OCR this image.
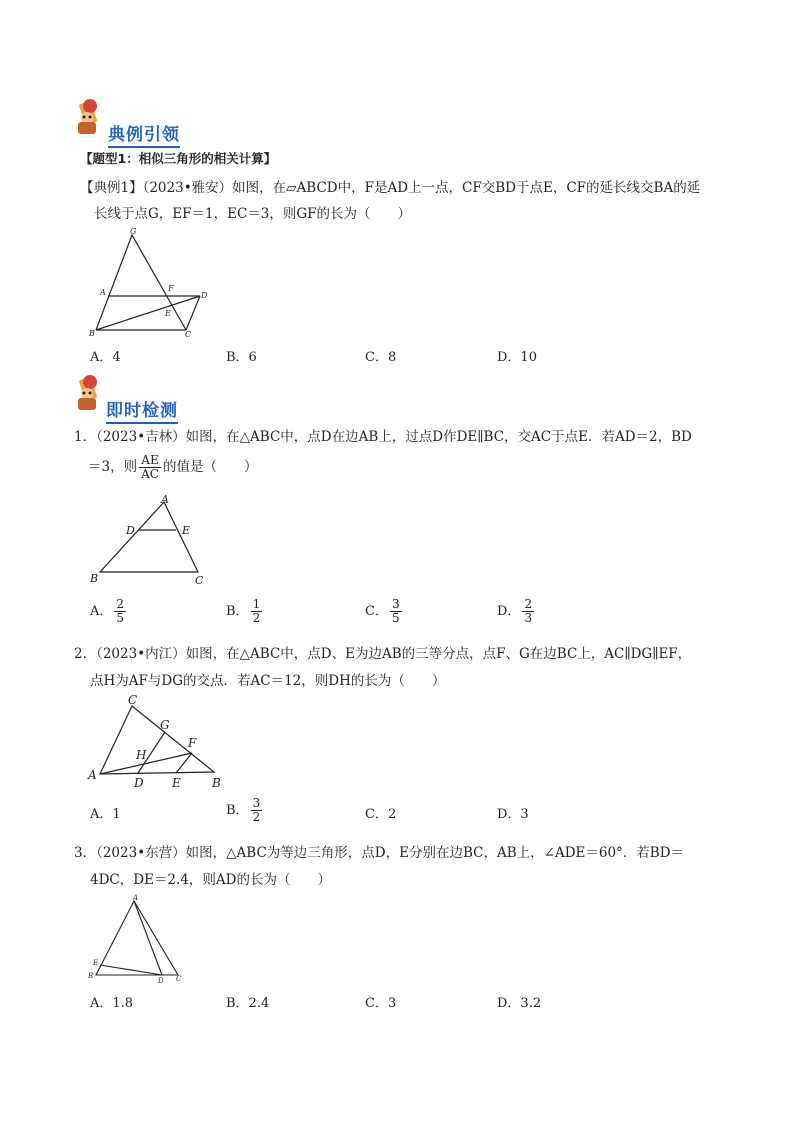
典例引领
【题型1：相似三角形的相关计算】
【典例1】（2023•雅安）如图，在▱ABCD中，F是AD上一点，CF交BD于点E，CF的延长线交BA的延
长线于点G，EF＝1，EC＝3，则GF的长为（　　）
G
A	F
D
E
B	C
A．4	B．6	C．8	D．10
即时检测
1．（2023•吉林）如图，在△ABC中，点D在边AB上，过点D作DE∥BC，交AC于点E．若AD＝2，BD
＝3，则 $\frac{AE}{AC}$ 的值是（　　）
A
D	E
B	C
A． $\frac{2}{5}$	B． $\frac{1}{2}$	C． $\frac{3}{5}$	D． $\frac{2}{3}$
2．（2023•内江）如图，在△ABC中，点D、E为边AB的三等分点，点F、G在边BC上，AC∥DG∥EF，
点H为AF与DG的交点．若AC＝12，则DH的长为（　　）
C
G
H
F
A
D E	B
A．1	B． $\frac{3}{2}$	C．2	D．3
3．（2023•东营）如图，△ABC为等边三角形，点D，E分别在边BC，AB上，∠ADE＝60°．若BD＝
4DC，DE＝2.4，则AD的长为（　　）
A
E
B
D C
A．1.8	B．2.4	C．3	D．3.2
